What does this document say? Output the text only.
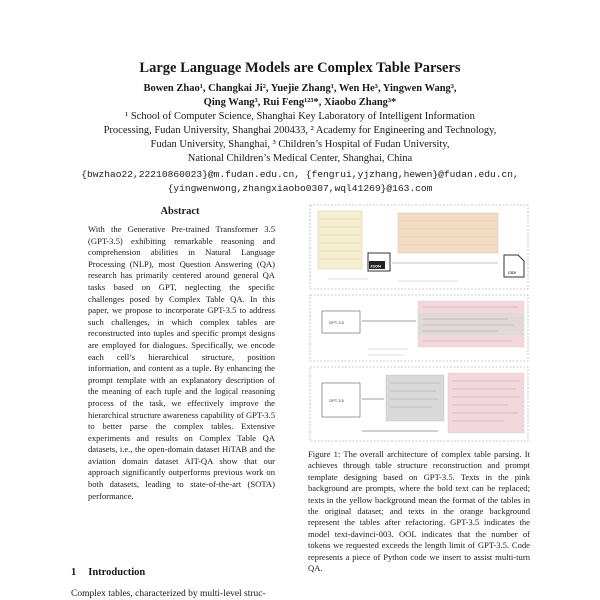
Large Language Models are Complex Table Parsers
Bowen Zhao¹, Changkai Ji², Yuejie Zhang¹, Wen He³, Yingwen Wang³,
Qing Wang³, Rui Feng¹²³*, Xiaobo Zhang³*
¹ School of Computer Science, Shanghai Key Laboratory of Intelligent Information
Processing, Fudan University, Shanghai 200433, ² Academy for Engineering and Technology,
Fudan University, Shanghai, ³ Children’s Hospital of Fudan University,
National Children’s Medical Center, Shanghai, China
{bwzhao22,22210860023}@m.fudan.edu.cn, {fengrui,yjzhang,hewen}@fudan.edu.cn,
{yingwenwong,zhangxiaobo0307,wql41269}@163.com
Abstract
With the Generative Pre-trained Transformer 3.5 (GPT-3.5) exhibiting remarkable reasoning and comprehension abilities in Natural Language Processing (NLP), most Question Answering (QA) research has primarily centered around general QA tasks based on GPT, neglecting the specific challenges posed by Complex Table QA. In this paper, we propose to incorporate GPT-3.5 to address such challenges, in which complex tables are reconstructed into tuples and specific prompt designs are employed for dialogues. Specifically, we encode each cell’s hierarchical structure, position information, and content as a tuple. By enhancing the prompt template with an explanatory description of the meaning of each tuple and the logical reasoning process of the task, we effectively improve the hierarchical structure awareness capability of GPT-3.5 to better parse the complex tables. Extensive experiments and results on Complex Table QA datasets, i.e., the open-domain dataset HiTAB and the aviation domain dataset AIT-QA show that our approach significantly outperforms previous work on both datasets, leading to state-of-the-art (SOTA) performance.
1 Introduction
Complex tables, characterized by multi-level struc-
JSON
CSV
GPT-3.5
GPT-3.5
Figure 1: The overall architecture of complex table parsing. It achieves through table structure reconstruction and prompt template designing based on GPT-3.5. Texts in the pink background are prompts, where the bold text can be replaced; texts in the yellow background mean the format of the tables in the original dataset; and texts in the orange background represent the tables after refactoring. GPT-3.5 indicates the model text-davinci-003. OOL indicates that the number of tokens we requested exceeds the length limit of GPT-3.5. Code represents a piece of Python code we insert to assist multi-turn QA.
